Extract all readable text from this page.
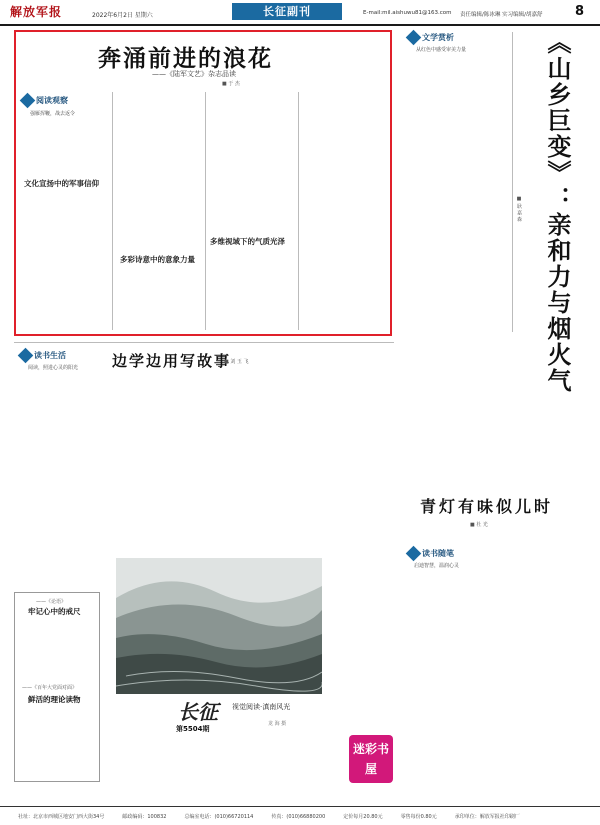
解放军报	2022年6月2日 星期六	长征副刊	E-mail:mil.aishuwu81@163.com 责任编辑/陈冰琳 实习编辑/胡嘉舒	8
奔涌前进的浪花
——《陆军文艺》杂志品读
■ 于 杰
阅读观察
强雁挥鞭，战去返令

文化宣扬中的军事信仰
多彩诗意中的意象力量
多维视域下的气质光泽
文学赏析
从红色中感受审美力量	《山乡巨变》：亲和力与烟火气
■ 耿 嘉 森
边学边用写故事
■ 刘 玉 飞
读书生活
阅读，照进心灵的阳光
牢记心中的戒尺
——《论语》
——《百年大党面对面》
鲜活的理论读物
长征
第5504期
视觉阅读·滇南风光
龙 海 摄
青灯有味似儿时
■ 杜 光
读书随笔
启迪智慧，温润心灵
迷彩书屋
社址：北京市西城区地安门西大街34号	邮政编码：100832	总编室电话：(010)66720114	传真：(010)66880200	定价每月20.80元	零售每份0.80元	承印单位：解放军报社印刷厂
